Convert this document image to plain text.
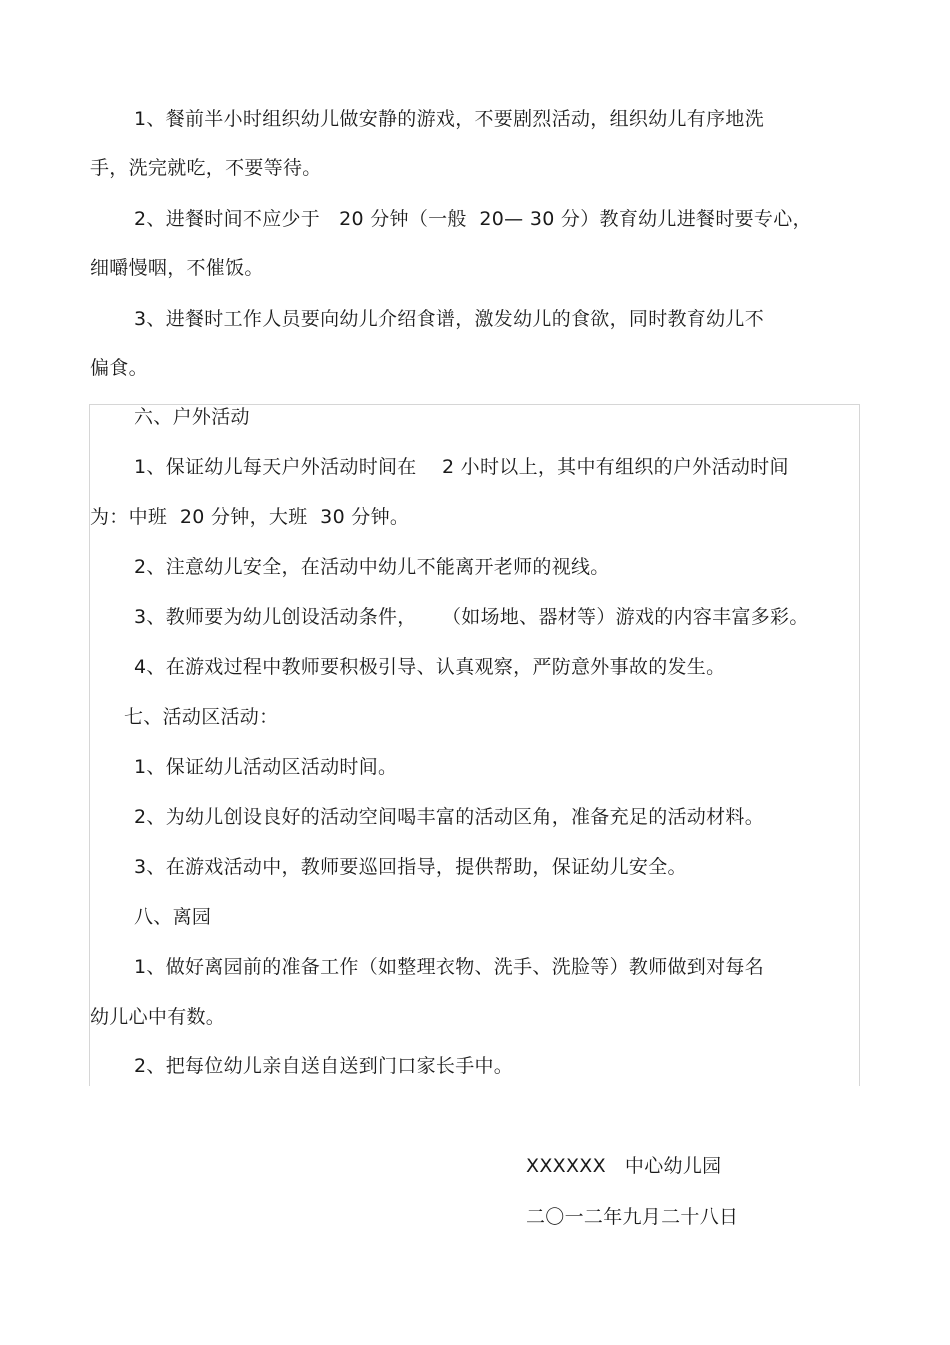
1、餐前半小时组织幼儿做安静的游戏，不要剧烈活动，组织幼儿有序地洗
手，洗完就吃，不要等待。
2、进餐时间不应少于   20 分钟（一般  20— 30 分）教育幼儿进餐时要专心，
细嚼慢咽，不催饭。
3、进餐时工作人员要向幼儿介绍食谱，激发幼儿的食欲，同时教育幼儿不
偏食。
六、户外活动
1、保证幼儿每天户外活动时间在    2 小时以上，其中有组织的户外活动时间
为：中班  20 分钟，大班  30 分钟。
2、注意幼儿安全，在活动中幼儿不能离开老师的视线。
3、教师要为幼儿创设活动条件，    （如场地、器材等）游戏的内容丰富多彩。
4、在游戏过程中教师要积极引导、认真观察，严防意外事故的发生。
七、活动区活动：
1、保证幼儿活动区活动时间。
2、为幼儿创设良好的活动空间喝丰富的活动区角，准备充足的活动材料。
3、在游戏活动中，教师要巡回指导，提供帮助，保证幼儿安全。
八、离园
1、做好离园前的准备工作（如整理衣物、洗手、洗脸等）教师做到对每名
幼儿心中有数。
2、把每位幼儿亲自送自送到门口家长手中。
XXXXXX   中心幼儿园
二〇一二年九月二十八日
